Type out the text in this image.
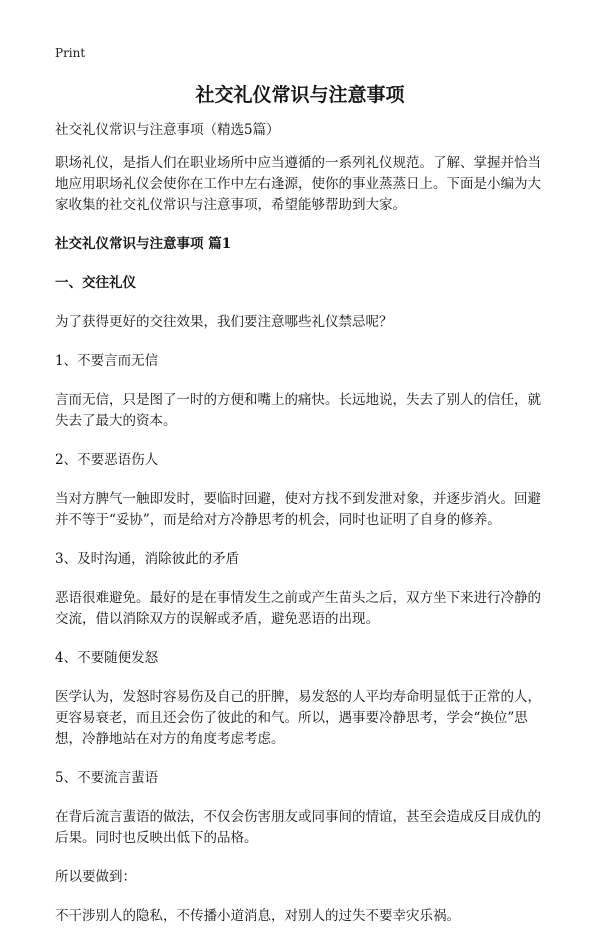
Print
社交礼仪常识与注意事项

社交礼仪常识与注意事项（精选5篇）

职场礼仪，是指人们在职业场所中应当遵循的一系列礼仪规范。了解、掌握并恰当地应用职场礼仪会使你在工作中左右逢源，使你的事业蒸蒸日上。下面是小编为大家收集的社交礼仪常识与注意事项，希望能够帮助到大家。

社交礼仪常识与注意事项 篇1

一、交往礼仪

为了获得更好的交往效果，我们要注意哪些礼仪禁忌呢？

1、不要言而无信

言而无信，只是图了一时的方便和嘴上的痛快。长远地说，失去了别人的信任，就失去了最大的资本。

2、不要恶语伤人

当对方脾气一触即发时，要临时回避，使对方找不到发泄对象，并逐步消火。回避并不等于“妥协”，而是给对方冷静思考的机会，同时也证明了自身的修养。

3、及时沟通，消除彼此的矛盾

恶语很难避免。最好的是在事情发生之前或产生苗头之后，双方坐下来进行冷静的交流，借以消除双方的误解或矛盾，避免恶语的出现。

4、不要随便发怒

医学认为，发怒时容易伤及自己的肝脾，易发怒的人平均寿命明显低于正常的人，更容易衰老，而且还会伤了彼此的和气。所以，遇事要冷静思考，学会“换位”思想，冷静地站在对方的角度考虑考虑。

5、不要流言蜚语

在背后流言蜚语的做法，不仅会伤害朋友或同事间的情谊，甚至会造成反目成仇的后果。同时也反映出低下的品格。

所以要做到：

不干涉别人的隐私，不传播小道消息，对别人的过失不要幸灾乐祸。
